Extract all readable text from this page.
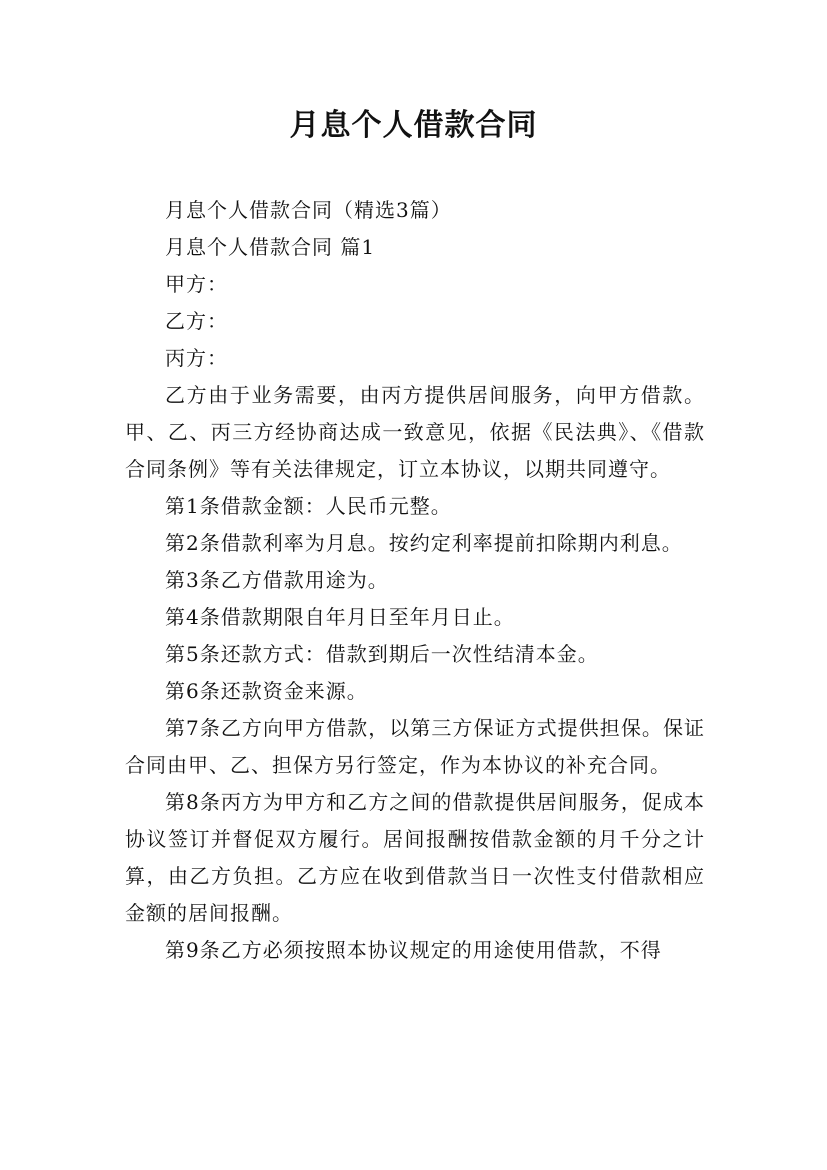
月息个人借款合同

月息个人借款合同（精选3篇）

月息个人借款合同 篇1

甲方：

乙方：

丙方：

乙方由于业务需要，由丙方提供居间服务，向甲方借款。甲、乙、丙三方经协商达成一致意见，依据《民法典》、《借款合同条例》等有关法律规定，订立本协议，以期共同遵守。

第1条借款金额：人民币元整。

第2条借款利率为月息。按约定利率提前扣除期内利息。

第3条乙方借款用途为。

第4条借款期限自年月日至年月日止。

第5条还款方式：借款到期后一次性结清本金。

第6条还款资金来源。

第7条乙方向甲方借款，以第三方保证方式提供担保。保证合同由甲、乙、担保方另行签定，作为本协议的补充合同。

第8条丙方为甲方和乙方之间的借款提供居间服务，促成本协议签订并督促双方履行。居间报酬按借款金额的月千分之计算，由乙方负担。乙方应在收到借款当日一次性支付借款相应金额的居间报酬。

第9条乙方必须按照本协议规定的用途使用借款，不得
